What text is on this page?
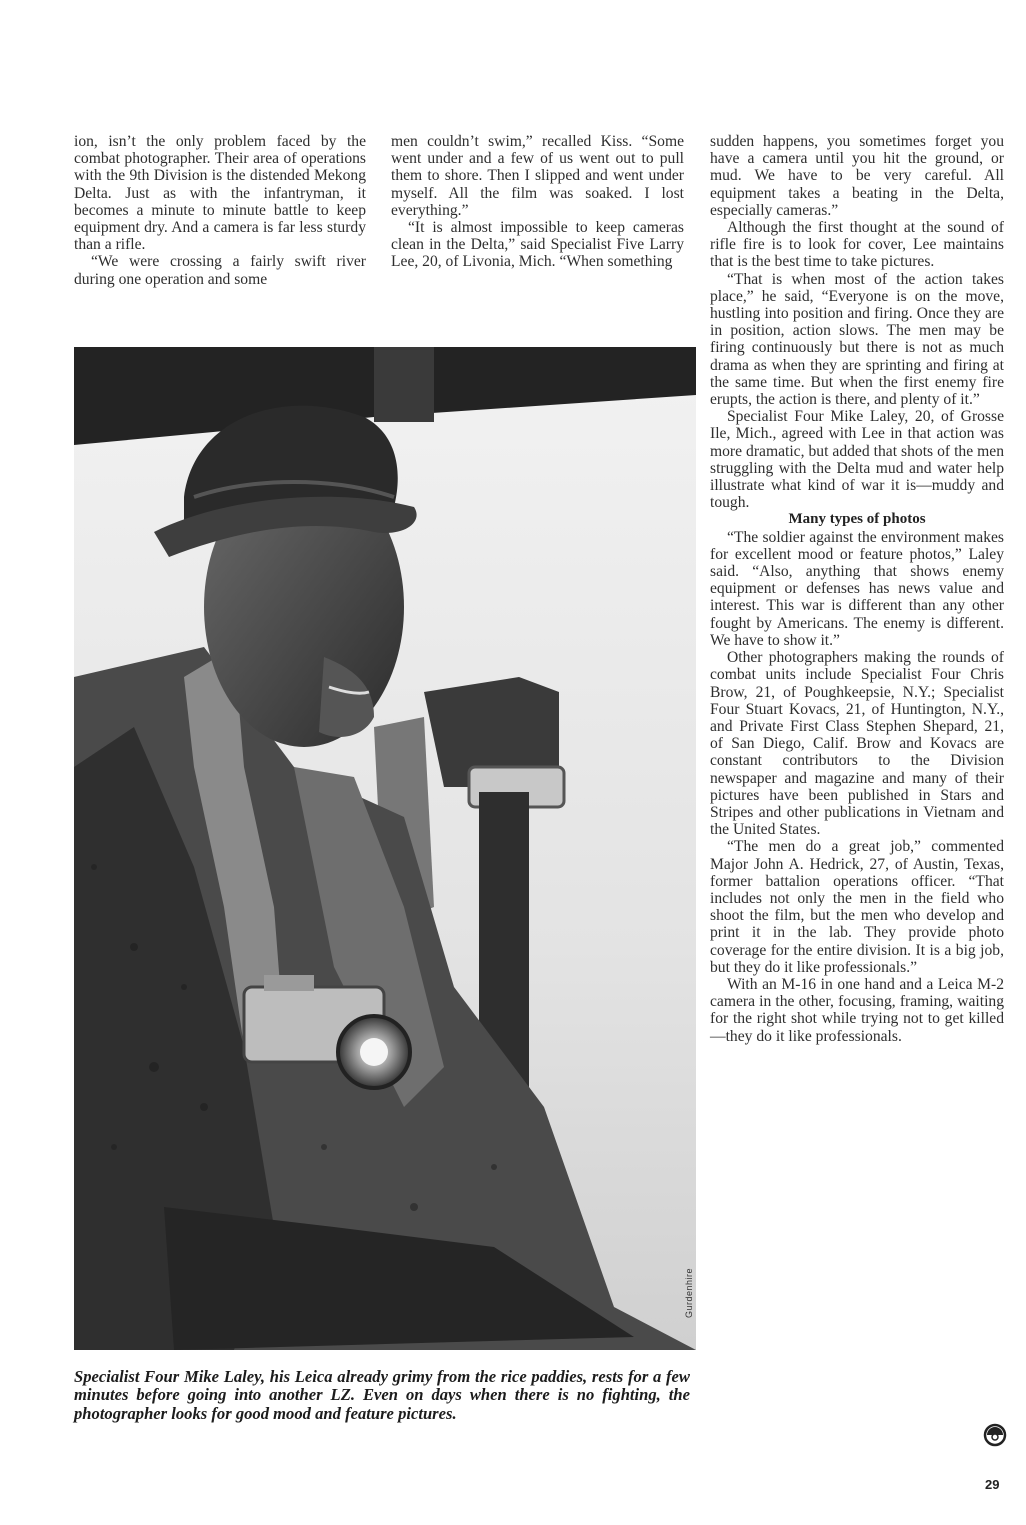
ion, isn’t the only problem faced by the combat photographer. Their area of operations with the 9th Division is the distended Mekong Delta. Just as with the infantryman, it becomes a minute to minute battle to keep equipment dry. And a camera is far less sturdy than a rifle.

“We were crossing a fairly swift river during one operation and some

men couldn’t swim,” recalled Kiss. “Some went under and a few of us went out to pull them to shore. Then I slipped and went under myself. All the film was soaked. I lost everything.”

“It is almost impossible to keep cameras clean in the Delta,” said Specialist Five Larry Lee, 20, of Livonia, Mich. “When something

sudden happens, you sometimes forget you have a camera until you hit the ground, or mud. We have to be very careful. All equipment takes a beating in the Delta, especially cameras.”

Although the first thought at the sound of rifle fire is to look for cover, Lee maintains that is the best time to take pictures.

“That is when most of the action takes place,” he said, “Everyone is on the move, hustling into position and firing. Once they are in position, action slows. The men may be firing continuously but there is not as much drama as when they are sprinting and firing at the same time. But when the first enemy fire erupts, the action is there, and plenty of it.”

Specialist Four Mike Laley, 20, of Grosse Ile, Mich., agreed with Lee in that action was more dramatic, but added that shots of the men struggling with the Delta mud and water help illustrate what kind of war it is—muddy and tough.

Many types of photos

“The soldier against the environment makes for excellent mood or feature photos,” Laley said. “Also, anything that shows enemy equipment or defenses has news value and interest. This war is different than any other fought by Americans. The enemy is different. We have to show it.”

Other photographers making the rounds of combat units include Specialist Four Chris Brow, 21, of Poughkeepsie, N.Y.; Specialist Four Stuart Kovacs, 21, of Huntington, N.Y., and Private First Class Stephen Shepard, 21, of San Diego, Calif. Brow and Kovacs are constant contributors to the Division newspaper and magazine and many of their pictures have been published in Stars and Stripes and other publications in Vietnam and the United States.

“The men do a great job,” commented Major John A. Hedrick, 27, of Austin, Texas, former battalion operations officer. “That includes not only the men in the field who shoot the film, but the men who develop and print it in the lab. They provide photo coverage for the entire division. It is a big job, but they do it like professionals.”

With an M-16 in one hand and a Leica M-2 camera in the other, focusing, framing, waiting for the right shot while trying not to get killed—they do it like professionals.

Gurdenhire
Specialist Four Mike Laley, his Leica already grimy from the rice paddies, rests for a few minutes before going into another LZ. Even on days when there is no fighting, the photographer looks for good mood and feature pictures.
29
